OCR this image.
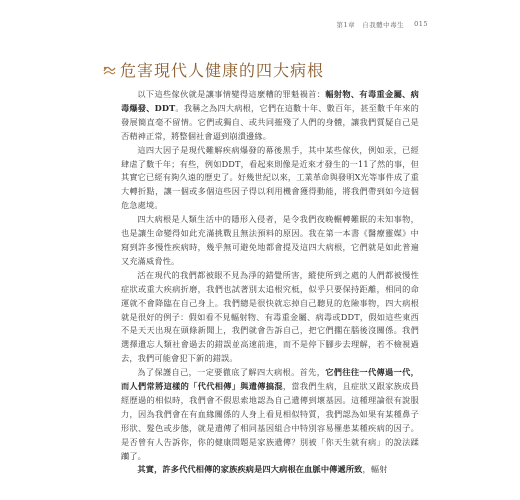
第1章　自我體中毒生 015
危害現代人健康的四大病根

以下這些傢伙就是讓事情變得這麼糟的罪魁禍首：輻射物、有毒重金屬、病毒爆發、DDT。我稱之為四大病根，它們在這數十年、數百年，甚至數千年來的發展簡直毫不留情。它們或獨自、或共同摧殘了人們的身體，讓我們質疑自己是否精神正常，將整個社會逼到崩潰邊緣。

這四大因子是現代難解疾病爆發的幕後黑手，其中某些傢伙，例如汞，已經肆虐了數千年；有些，例如DDT，看起來則像是近來才發生的一11了然的事，但其實它已經有夠久遠的歷史了。好幾世紀以來，工業革命與發明X光等事件成了重大轉折點，讓一個或多個這些因子得以利用機會獲得動能，將我們帶到如今這個危急處境。

四大病根是人類生活中的隱形入侵者，是令我們夜晚輾轉難眠的未知事物，也是讓生命變得如此充滿挑戰且無法預料的原因。我在第一本書《醫療靈媒》中寫到許多慢性疾病時，幾乎無可避免地都會提及這四大病根，它們就是如此普遍又充滿威脅性。

活在現代的我們都被眼不見為淨的錯覺所害，縱使所到之處的人們都被慢性症狀或重大疾病折磨，我們也試著別太追根究柢，似乎只要保持距離，相同的命運就不會降臨在自己身上。我們總是很快就忘掉自己聽見的危險事物，四大病根就是很好的例子：假如看不見輻射物、有毒重金屬、病毒或DDT，假如這些東西不是天天出現在頭條新聞上，我們就會告訴自己，把它們擱在腦後沒關係。我們選擇遺忘人類社會過去的錯誤並高速前進，而不是停下腳步去理解，若不檢視過去，我們可能會犯下新的錯誤。

為了保護自己，一定要徹底了解四大病根。首先，它們往往一代傳過一代，而人們常將這樣的「代代相傳」與遺傳搞混，當我們生病，且症狀又跟家族成員經歷過的相似時，我們會不假思索地認為自己遺傳到壞基因。這種理論很有說服力，因為我們會在有血緣關係的人身上看見相似特質，我們認為如果有某種鼻子形狀、髮色或步態，就是遺傳了相同基因組合中特別容易罹患某種疾病的因子。是否曾有人告訴你，你的健康問題是家族遺傳？別被「你天生就有病」的說法蹂躪了。

其實，許多代代相傳的家族疾病是四大病根在血脈中傳遞所致，輻射
